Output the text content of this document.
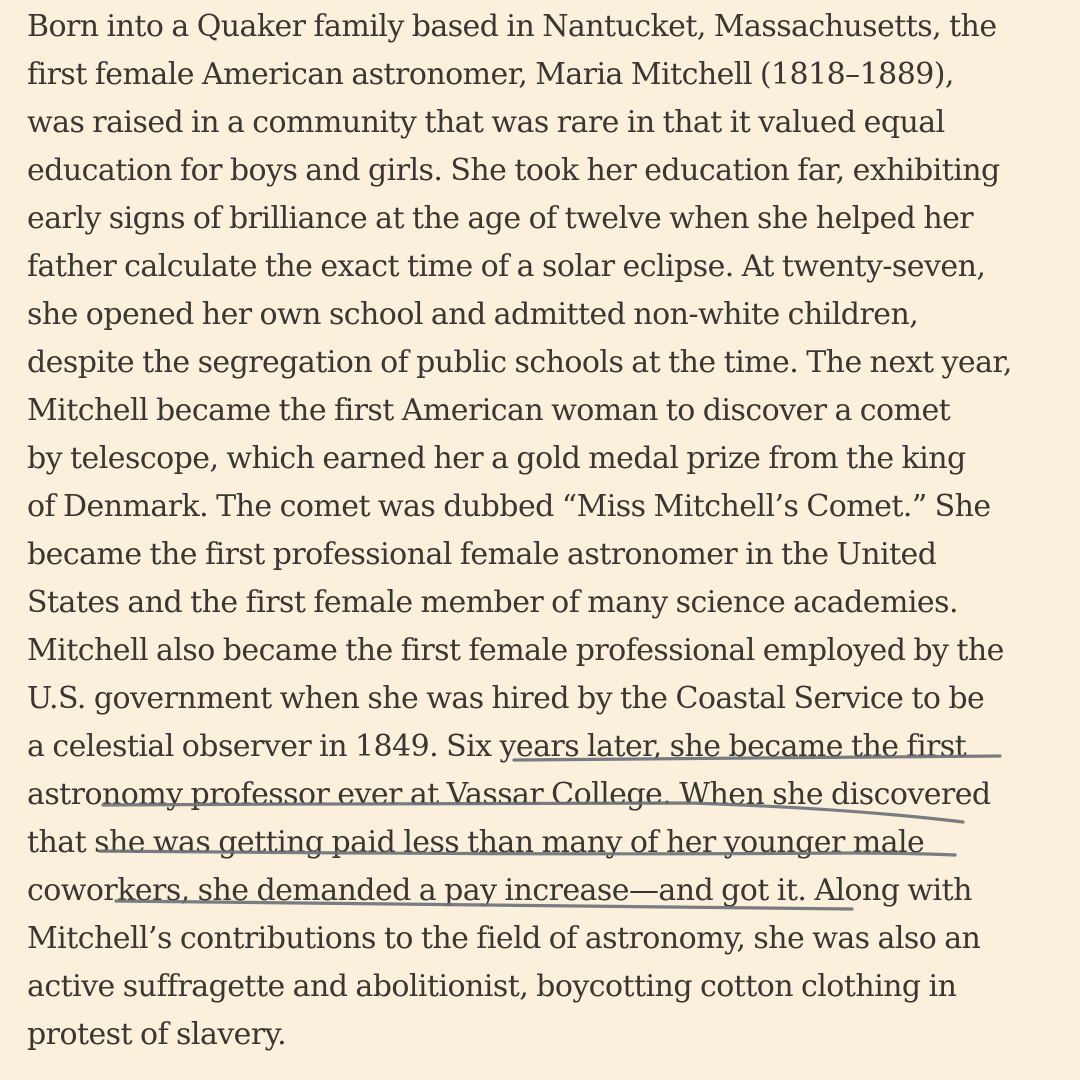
Born into a Quaker family based in Nantucket, Massachusetts, the
first female American astronomer, Maria Mitchell (1818–1889),
was raised in a community that was rare in that it valued equal
education for boys and girls. She took her education far, exhibiting
early signs of brilliance at the age of twelve when she helped her
father calculate the exact time of a solar eclipse. At twenty-seven,
she opened her own school and admitted non-white children,
despite the segregation of public schools at the time. The next year,
Mitchell became the first American woman to discover a comet
by telescope, which earned her a gold medal prize from the king
of Denmark. The comet was dubbed “Miss Mitchell’s Comet.” She
became the first professional female astronomer in the United
States and the first female member of many science academies.
Mitchell also became the first female professional employed by the
U.S. government when she was hired by the Coastal Service to be
a celestial observer in 1849. Six years later, she became the first
astronomy professor ever at Vassar College. When she discovered
that she was getting paid less than many of her younger male
coworkers, she demanded a pay increase—and got it. Along with
Mitchell’s contributions to the field of astronomy, she was also an
active suffragette and abolitionist, boycotting cotton clothing in
protest of slavery.
